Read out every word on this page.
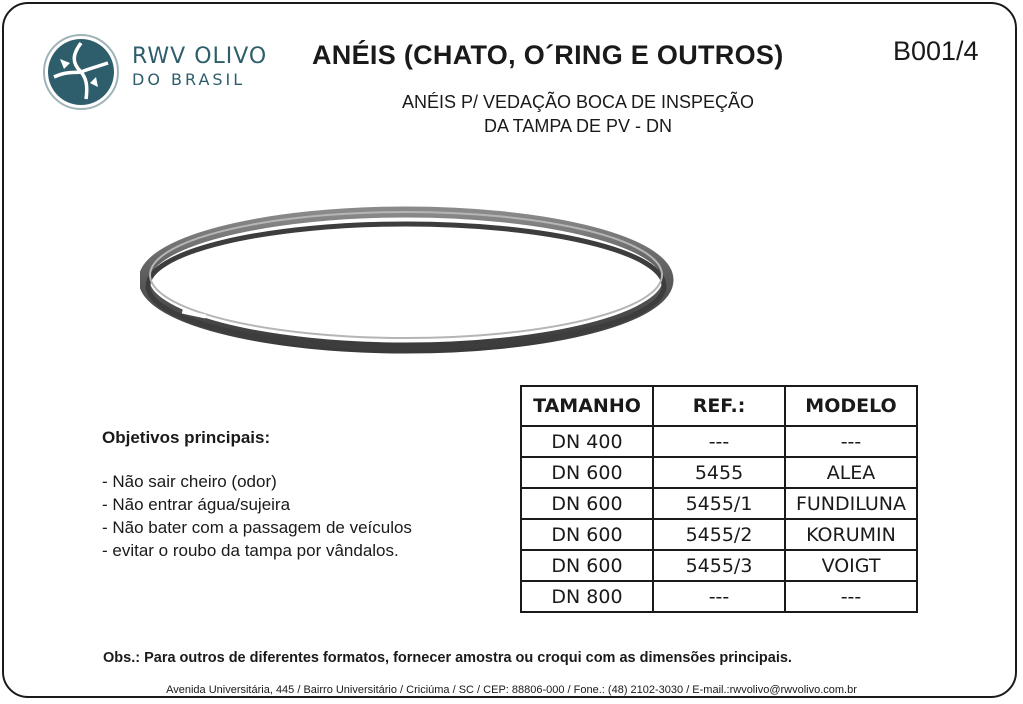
RWV OLIVO
DO BRASIL
ANÉIS (CHATO, O´RING E OUTROS)	B001/4
ANÉIS P/ VEDAÇÃO BOCA DE INSPEÇÃO
DA TAMPA DE PV - DN
Objetivos principais:
- Não sair cheiro (odor)
- Não entrar água/sujeira
- Não bater com a passagem de veículos
- evitar o roubo da tampa por vândalos.
TAMANHO	REF.:	MODELO
DN 400	---	---
DN 600	5455	ALEA
DN 600	5455/1	FUNDILUNA
DN 600	5455/2	KORUMIN
DN 600	5455/3	VOIGT
DN 800	---	---
Obs.: Para outros de diferentes formatos, fornecer amostra ou croqui com as dimensões principais.
Avenida Universitária, 445 / Bairro Universitário / Criciúma / SC / CEP: 88806-000 / Fone.: (48) 2102-3030 / E-mail.:rwvolivo@rwvolivo.com.br
